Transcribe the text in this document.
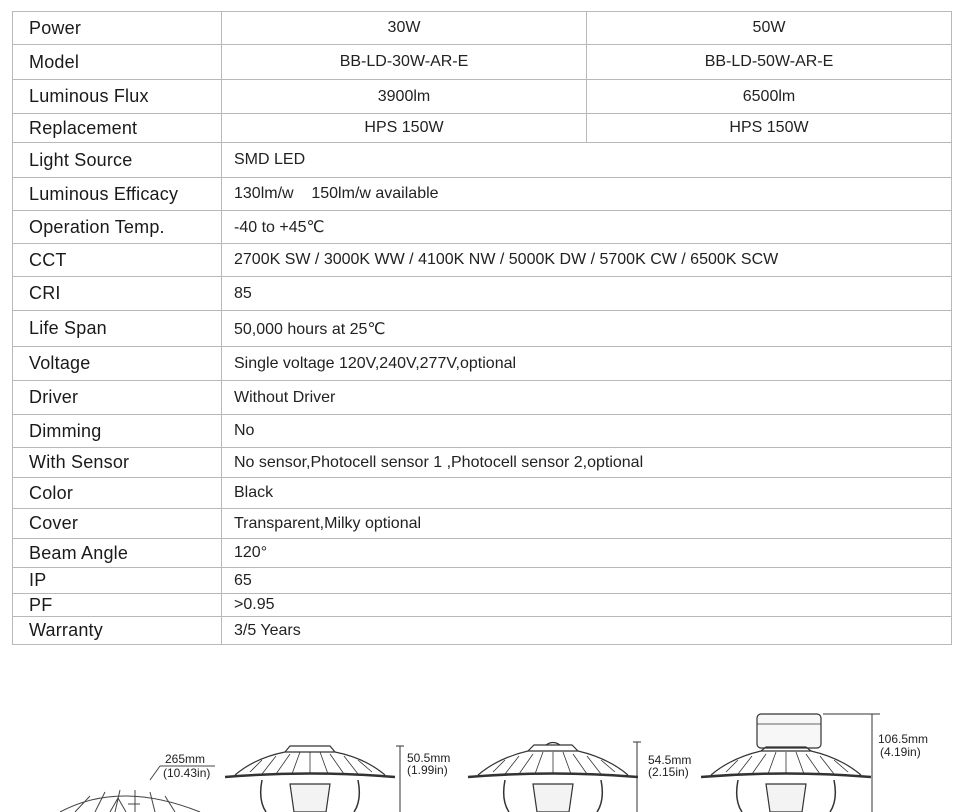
Power	30W	50W
Model	BB-LD-30W-AR-E	BB-LD-50W-AR-E
Luminous Flux	3900lm	6500lm
Replacement	HPS 150W	HPS 150W
Light Source	SMD LED	
Luminous Efficacy	130lm/w    150lm/w available	
Operation Temp.	-40 to +45℃	
CCT	2700K SW / 3000K WW / 4100K NW / 5000K DW / 5700K CW / 6500K SCW	
CRI	85	
Life Span	50,000 hours at 25℃	
Voltage	Single voltage 120V,240V,277V,optional	
Driver	Without Driver	
Dimming	No	
With Sensor	No sensor,Photocell sensor 1 ,Photocell sensor 2,optional	
Color	Black	
Cover	Transparent,Milky optional	
Beam Angle	120°	
IP	65	
PF	>0.95	
Warranty	3/5 Years	
265mm
(10.43in)
50.5mm
(1.99in)
54.5mm
(2.15in)
106.5mm
(4.19in)
